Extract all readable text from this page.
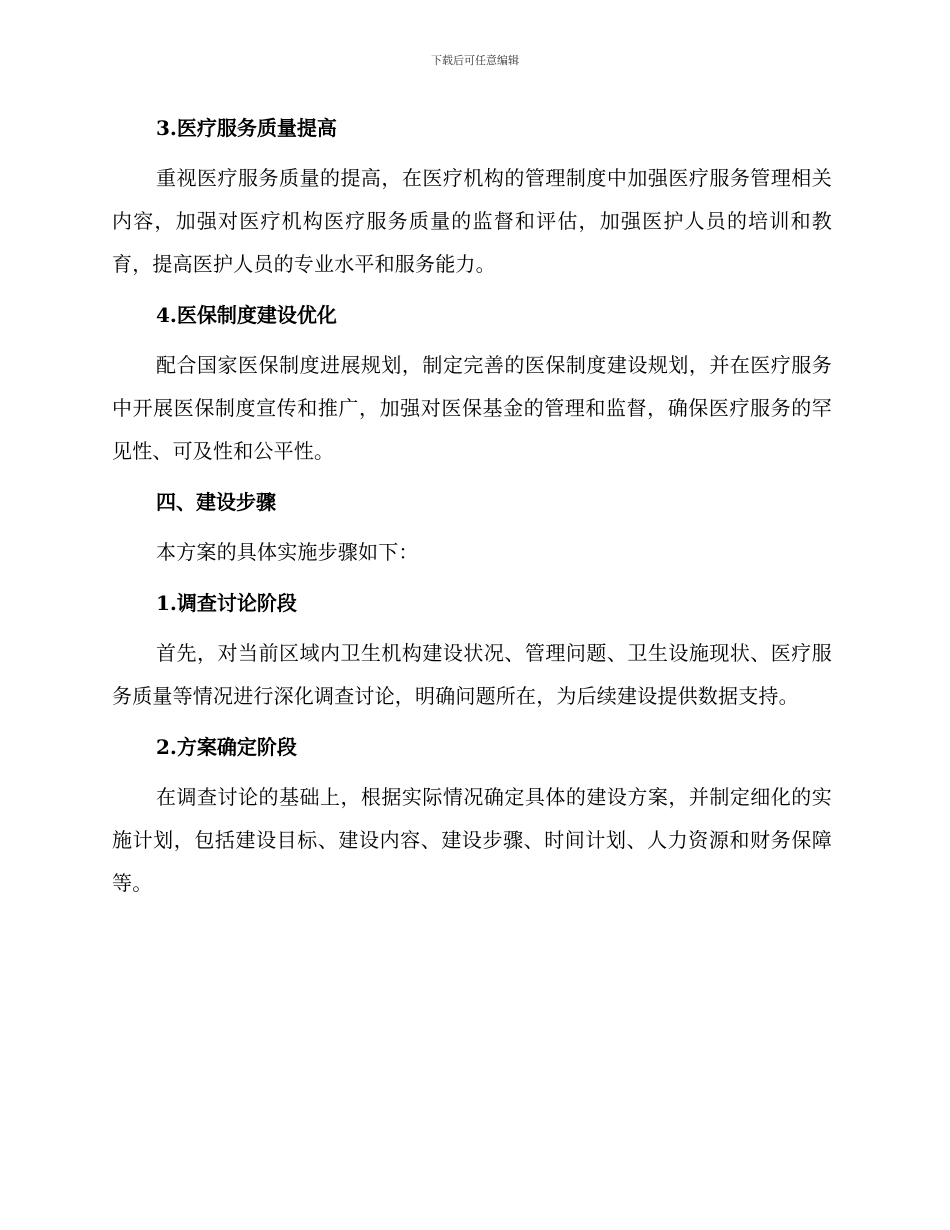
下载后可任意编辑
3.医疗服务质量提高

重视医疗服务质量的提高，在医疗机构的管理制度中加强医疗服务管理相关内容，加强对医疗机构医疗服务质量的监督和评估，加强医护人员的培训和教育，提高医护人员的专业水平和服务能力。

4.医保制度建设优化

配合国家医保制度进展规划，制定完善的医保制度建设规划，并在医疗服务中开展医保制度宣传和推广，加强对医保基金的管理和监督，确保医疗服务的罕见性、可及性和公平性。

四、建设步骤

本方案的具体实施步骤如下：

1.调查讨论阶段

首先，对当前区域内卫生机构建设状况、管理问题、卫生设施现状、医疗服务质量等情况进行深化调查讨论，明确问题所在，为后续建设提供数据支持。

2.方案确定阶段

在调查讨论的基础上，根据实际情况确定具体的建设方案，并制定细化的实施计划，包括建设目标、建设内容、建设步骤、时间计划、人力资源和财务保障等。
